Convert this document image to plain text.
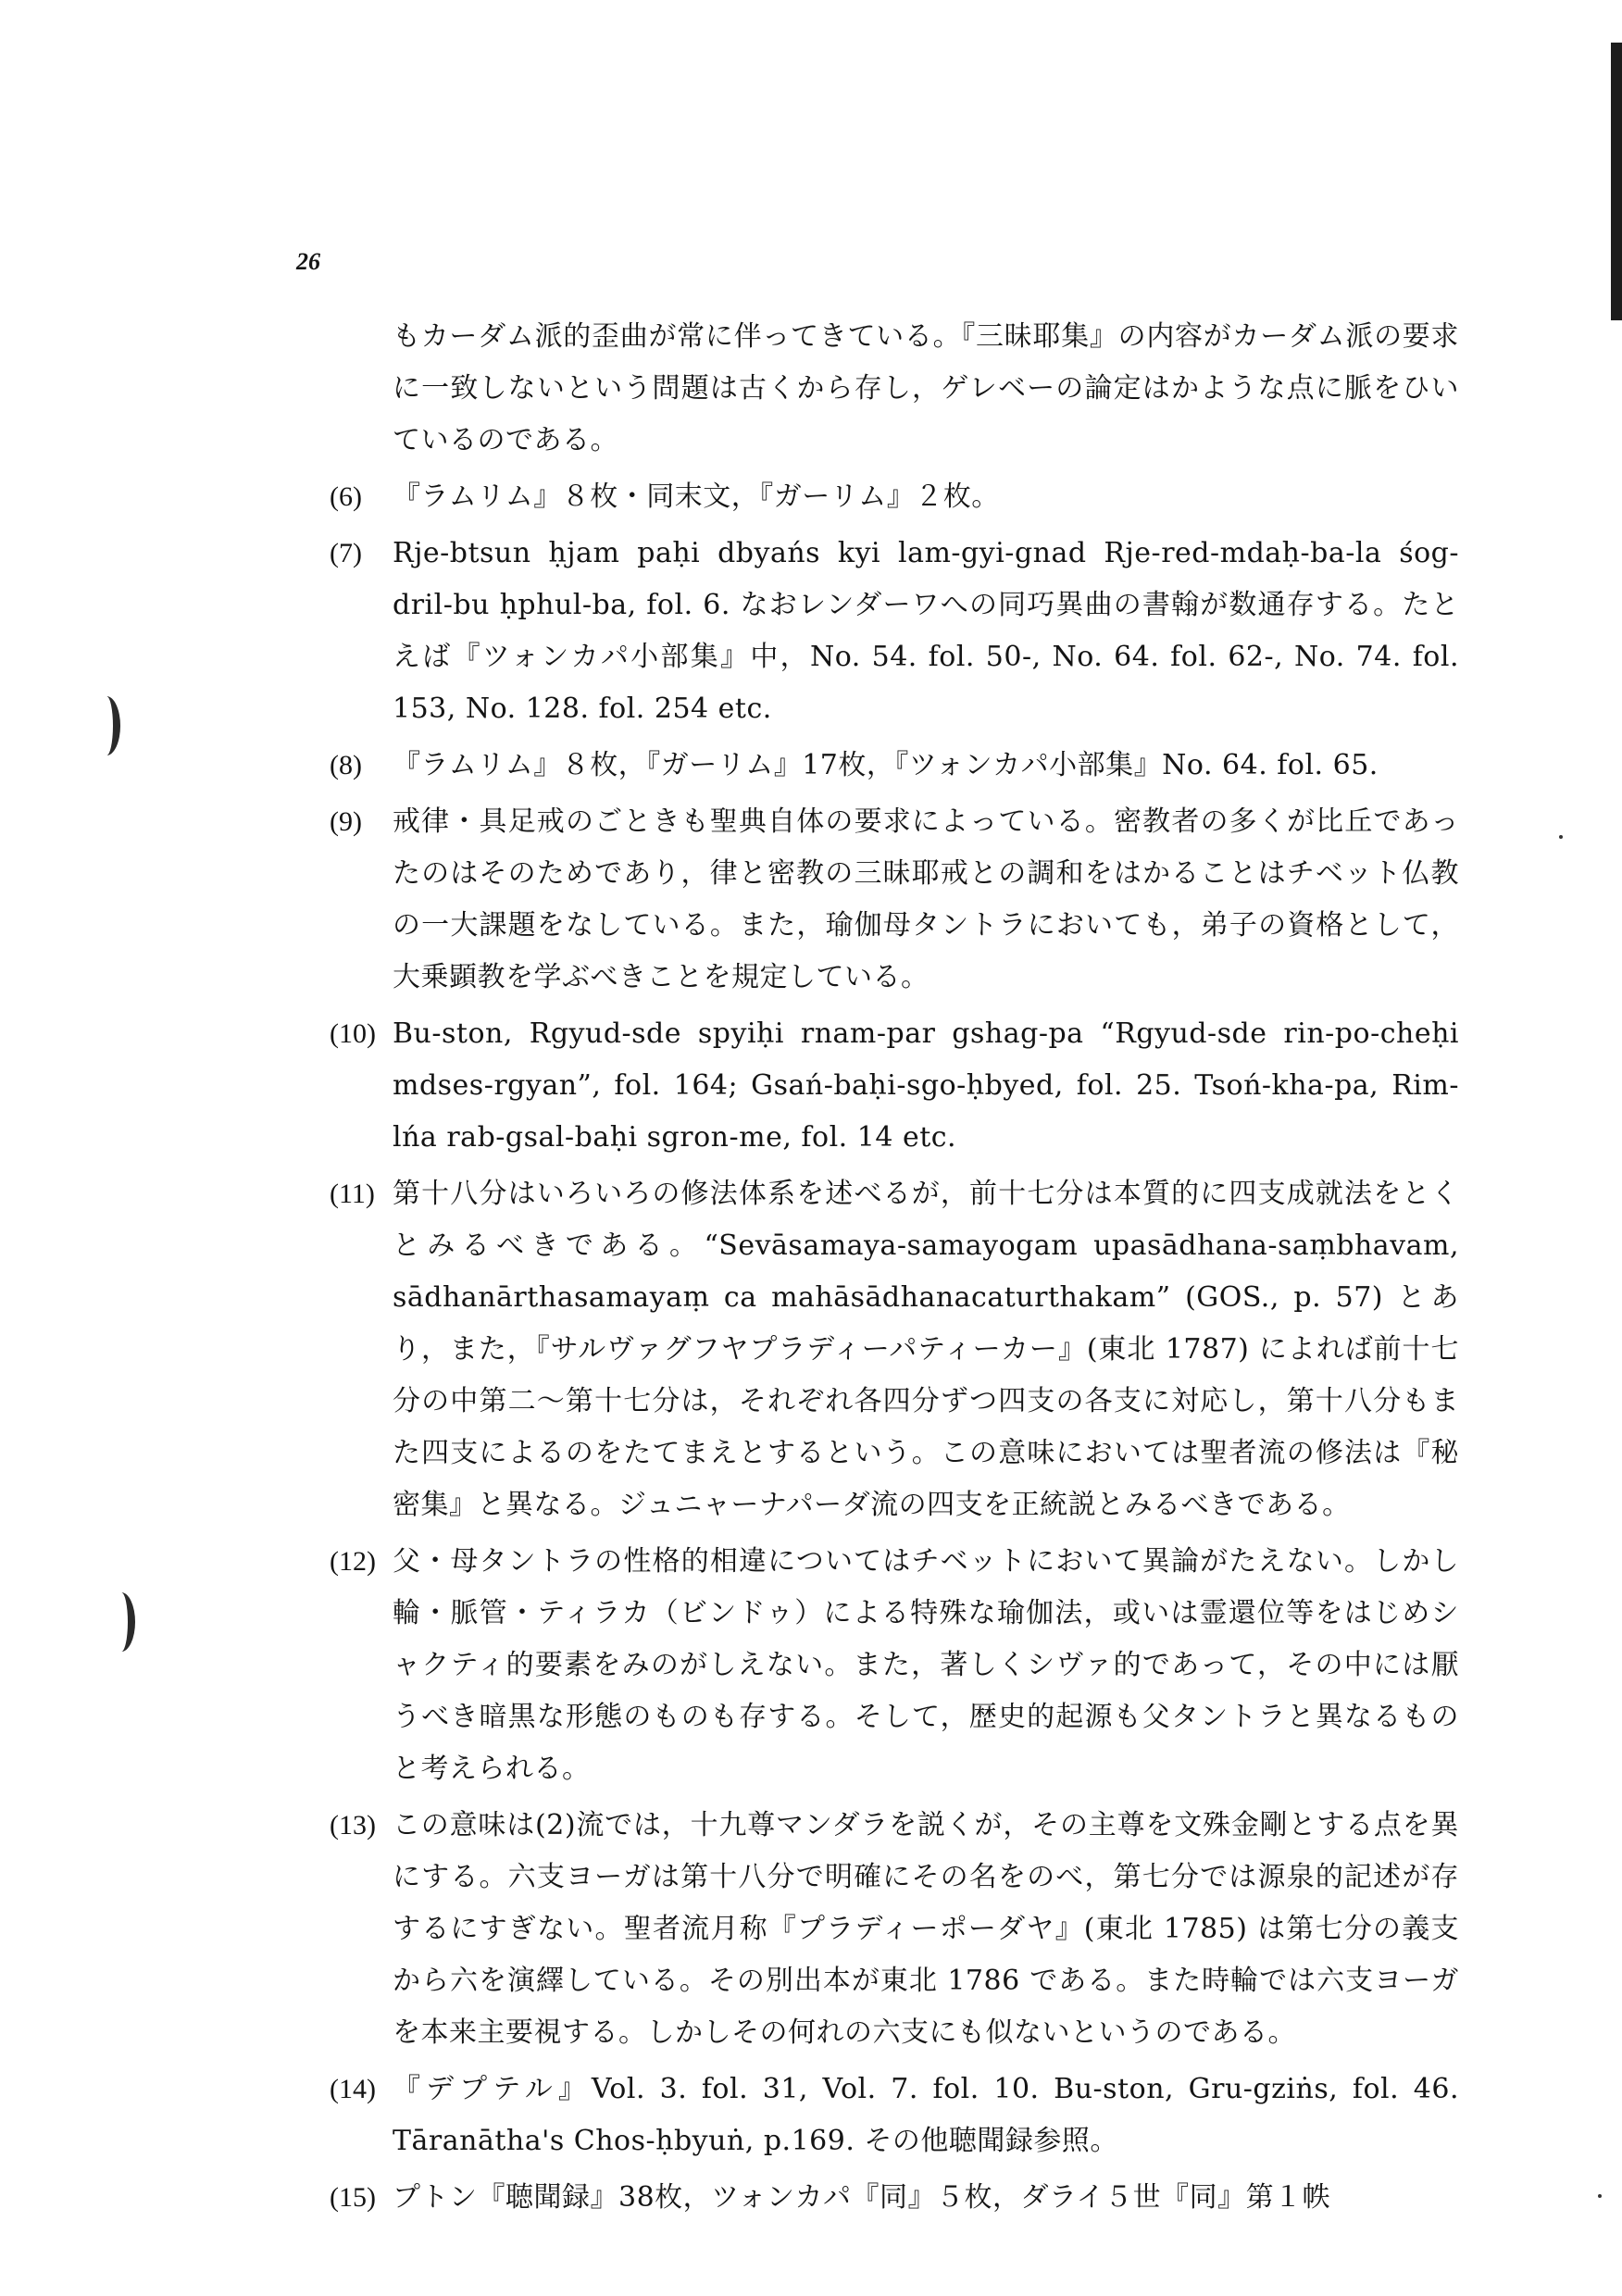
26

もカーダム派的歪曲が常に伴ってきている。『三昧耶集』の内容がカーダム派の要求に一致しないという問題は古くから存し，ゲレベーの論定はかような点に脈をひいているのである。

(6)	『ラムリム』８枚・同末文，『ガーリム』２枚。

(7)	Rje-btsun ḥjam paḥi dbyańs kyi lam-gyi-gnad Rje-red-mdaḥ-ba-la śog-dril-bu ḥphul-ba, fol. 6. なおレンダーワへの同巧異曲の書翰が数通存する。たとえば『ツォンカパ小部集』中，No. 54. fol. 50-, No. 64. fol. 62-, No. 74. fol. 153, No. 128. fol. 254 etc.

(8)	『ラムリム』８枚，『ガーリム』17枚，『ツォンカパ小部集』No. 64. fol. 65.

(9)	戒律・具足戒のごときも聖典自体の要求によっている。密教者の多くが比丘であったのはそのためであり，律と密教の三昧耶戒との調和をはかることはチベット仏教の一大課題をなしている。また，瑜伽母タントラにおいても，弟子の資格として，大乗顕教を学ぶべきことを規定している。

(10) Bu-ston, Rgyud-sde spyiḥi rnam-par gshag-pa “Rgyud-sde rin-po-cheḥi mdses-rgyan”, fol. 164; Gsań-baḥi-sgo-ḥbyed, fol. 25. Tsoń-kha-pa, Rim-lńa rab-gsal-baḥi sgron-me, fol. 14 etc.

(11) 第十八分はいろいろの修法体系を述べるが，前十七分は本質的に四支成就法をとくとみるべきである。“Sevāsamaya-samayogam upasādhana-saṃbhavam, sādhanārthasamayaṃ ca mahāsādhanacaturthakam” (GOS., p. 57) とあり，また，『サルヴァグフヤプラディーパティーカー』(東北 1787) によれば前十七分の中第二〜第十七分は，それぞれ各四分ずつ四支の各支に対応し，第十八分もまた四支によるのをたてまえとするという。この意味においては聖者流の修法は『秘密集』と異なる。ジュニャーナパーダ流の四支を正統説とみるべきである。

(12) 父・母タントラの性格的相違についてはチベットにおいて異論がたえない。しかし輪・脈管・ティラカ（ビンドゥ）による特殊な瑜伽法，或いは霊還位等をはじめシャクティ的要素をみのがしえない。また，著しくシヴァ的であって，その中には厭うべき暗黒な形態のものも存する。そして，歴史的起源も父タントラと異なるものと考えられる。

(13) この意味は(2)流では，十九尊マンダラを説くが，その主尊を文殊金剛とする点を異にする。六支ヨーガは第十八分で明確にその名をのべ，第七分では源泉的記述が存するにすぎない。聖者流月称『プラディーポーダヤ』(東北 1785) は第七分の義支から六を演繹している。その別出本が東北 1786 である。また時輪では六支ヨーガを本来主要視する。しかしその何れの六支にも似ないというのである。

(14) 『デプテル』Vol. 3. fol. 31, Vol. 7. fol. 10. Bu-ston, Gru-gziṅs, fol. 46. Tāranātha's Chos-ḥbyuṅ, p.169. その他聴聞録参照。

(15) プトン『聴聞録』38枚，ツォンカパ『同』５枚，ダライ５世『同』第１帙
